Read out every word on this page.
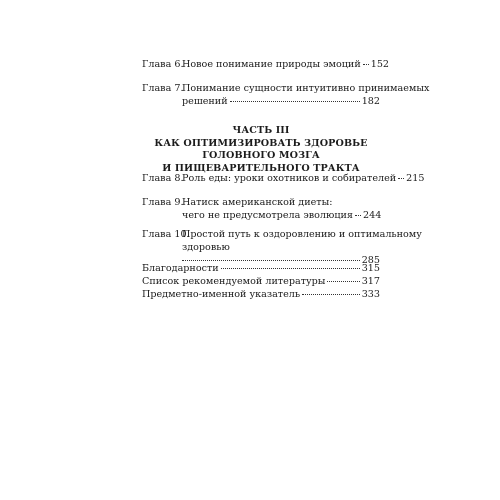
Глава 6.
Новое понимание природы эмоций 152
Глава 7.
Понимание сущности интуитивно принимаемых
решений	182
ЧАСТЬ III
КАК ОПТИМИЗИРОВАТЬ ЗДОРОВЬЕ ГОЛОВНОГО МОЗГА
И ПИЩЕВАРИТЕЛЬНОГО ТРАКТА
Глава 8.
Роль еды: уроки охотников и собирателей 215
Глава 9.
Натиск американской диеты:
чего не предусмотрела эволюция 244
Глава 10.
Простой путь к оздоровлению и оптимальному
здоровью
285
Благодарности	315
Список рекомендуемой литературы	317
Предметно-именной указатель	333
